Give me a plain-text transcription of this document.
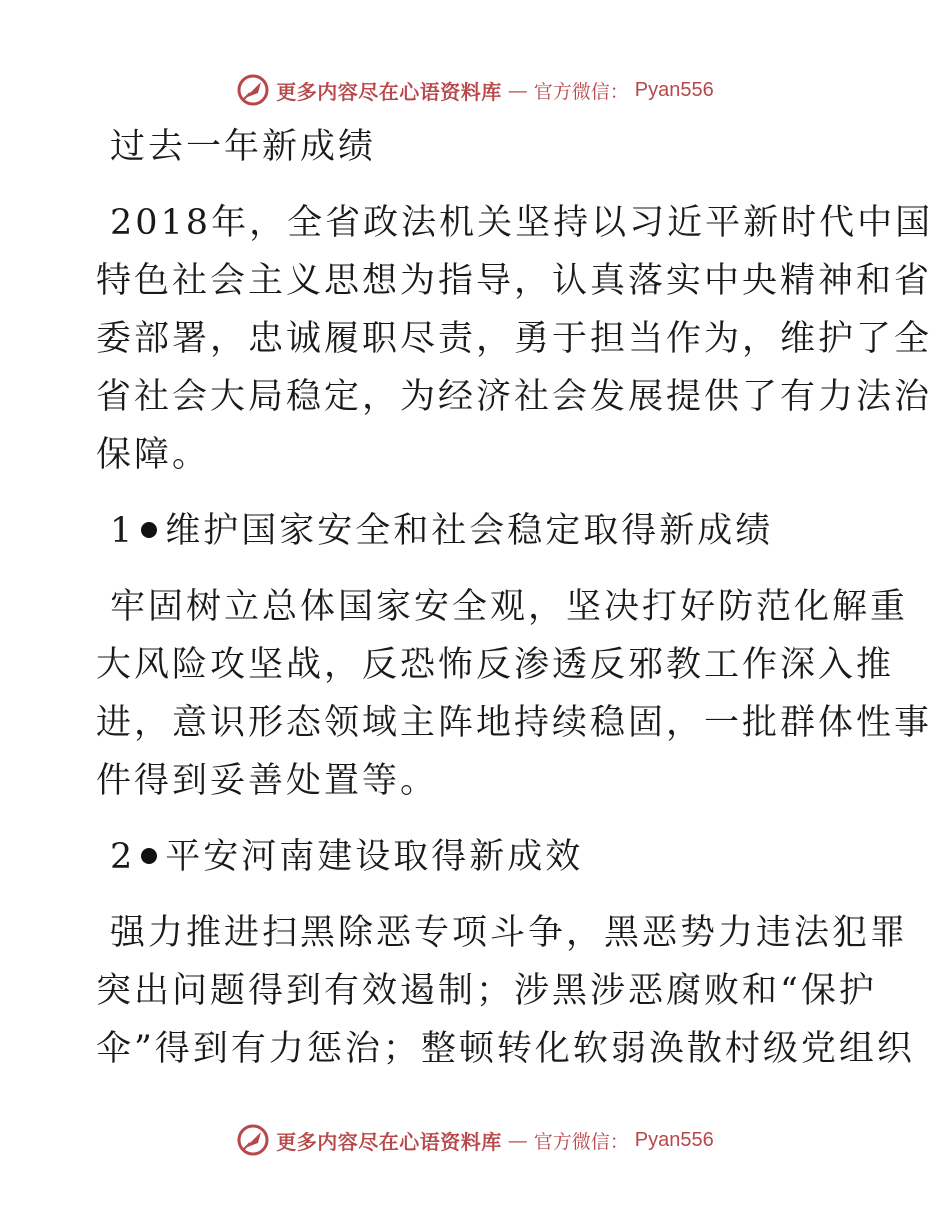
更多内容尽在心语资料库 — 官方微信： Pyan556
过去一年新成绩
2018年，全省政法机关坚持以习近平新时代中国
特色社会主义思想为指导，认真落实中央精神和省
委部署，忠诚履职尽责，勇于担当作为，维护了全
省社会大局稳定，为经济社会发展提供了有力法治
保障。
1 维护国家安全和社会稳定取得新成绩
牢固树立总体国家安全观，坚决打好防范化解重
大风险攻坚战，反恐怖反渗透反邪教工作深入推
进，意识形态领域主阵地持续稳固，一批群体性事
件得到妥善处置等。
2 平安河南建设取得新成效
强力推进扫黑除恶专项斗争，黑恶势力违法犯罪
突出问题得到有效遏制；涉黑涉恶腐败和“保护
伞”得到有力惩治；整顿转化软弱涣散村级党组织
更多内容尽在心语资料库 — 官方微信： Pyan556
